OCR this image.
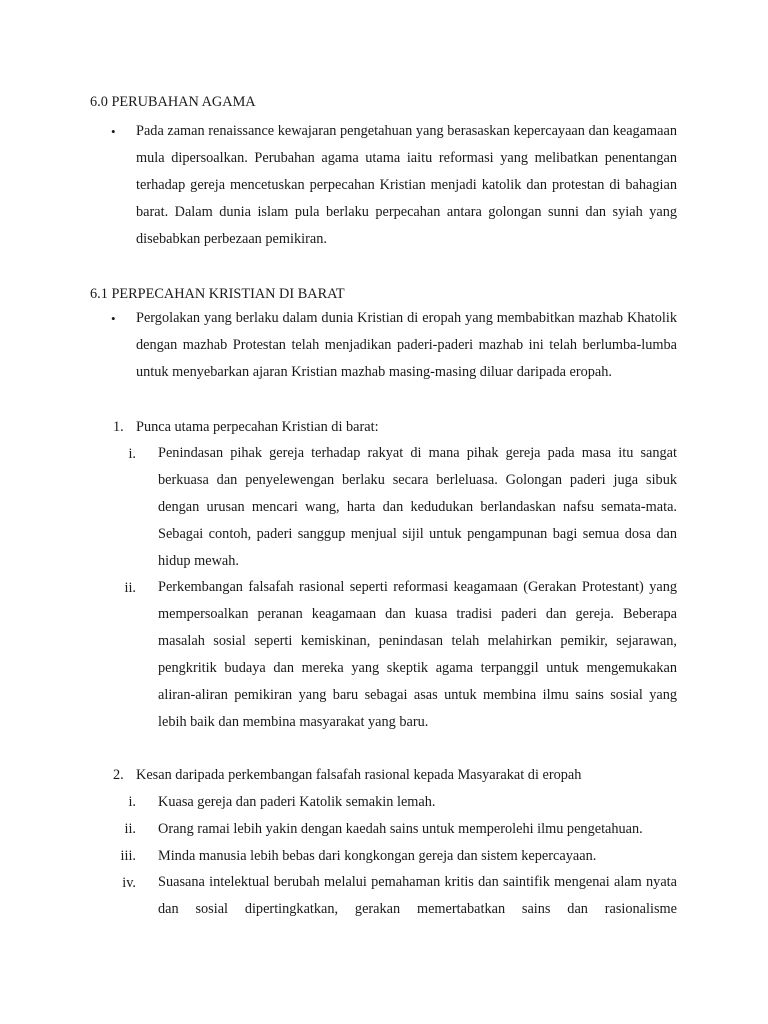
6.0 PERUBAHAN AGAMA
• Pada zaman renaissance kewajaran pengetahuan yang berasaskan kepercayaan dan keagamaan mula dipersoalkan. Perubahan agama utama iaitu reformasi yang melibatkan penentangan terhadap gereja mencetuskan perpecahan Kristian menjadi katolik dan protestan di bahagian barat. Dalam dunia islam pula berlaku perpecahan antara golongan sunni dan syiah yang disebabkan perbezaan pemikiran.
6.1 PERPECAHAN KRISTIAN DI BARAT
• Pergolakan yang berlaku dalam dunia Kristian di eropah yang membabitkan mazhab Khatolik dengan mazhab Protestan telah menjadikan paderi-paderi mazhab ini telah berlumba-lumba untuk menyebarkan ajaran Kristian mazhab masing-masing diluar daripada eropah.
1. Punca utama perpecahan Kristian di barat:
i. Penindasan pihak gereja terhadap rakyat di mana pihak gereja pada masa itu sangat berkuasa dan penyelewengan berlaku secara berleluasa. Golongan paderi juga sibuk dengan urusan mencari wang, harta dan kedudukan berlandaskan nafsu semata-mata. Sebagai contoh, paderi sanggup menjual sijil untuk pengampunan bagi semua dosa dan hidup mewah.
ii. Perkembangan falsafah rasional seperti reformasi keagamaan (Gerakan Protestant) yang mempersoalkan peranan keagamaan dan kuasa tradisi paderi dan gereja. Beberapa masalah sosial seperti kemiskinan, penindasan telah melahirkan pemikir, sejarawan, pengkritik budaya dan mereka yang skeptik agama terpanggil untuk mengemukakan aliran-aliran pemikiran yang baru sebagai asas untuk membina ilmu sains sosial yang lebih baik dan membina masyarakat yang baru.
2. Kesan daripada perkembangan falsafah rasional kepada Masyarakat di eropah
i. Kuasa gereja dan paderi Katolik semakin lemah.
ii. Orang ramai lebih yakin dengan kaedah sains untuk memperolehi ilmu pengetahuan.
iii. Minda manusia lebih bebas dari kongkongan gereja dan sistem kepercayaan.
iv. Suasana intelektual berubah melalui pemahaman kritis dan saintifik mengenai alam nyata dan sosial dipertingkatkan, gerakan memertabatkan sains dan rasionalisme
